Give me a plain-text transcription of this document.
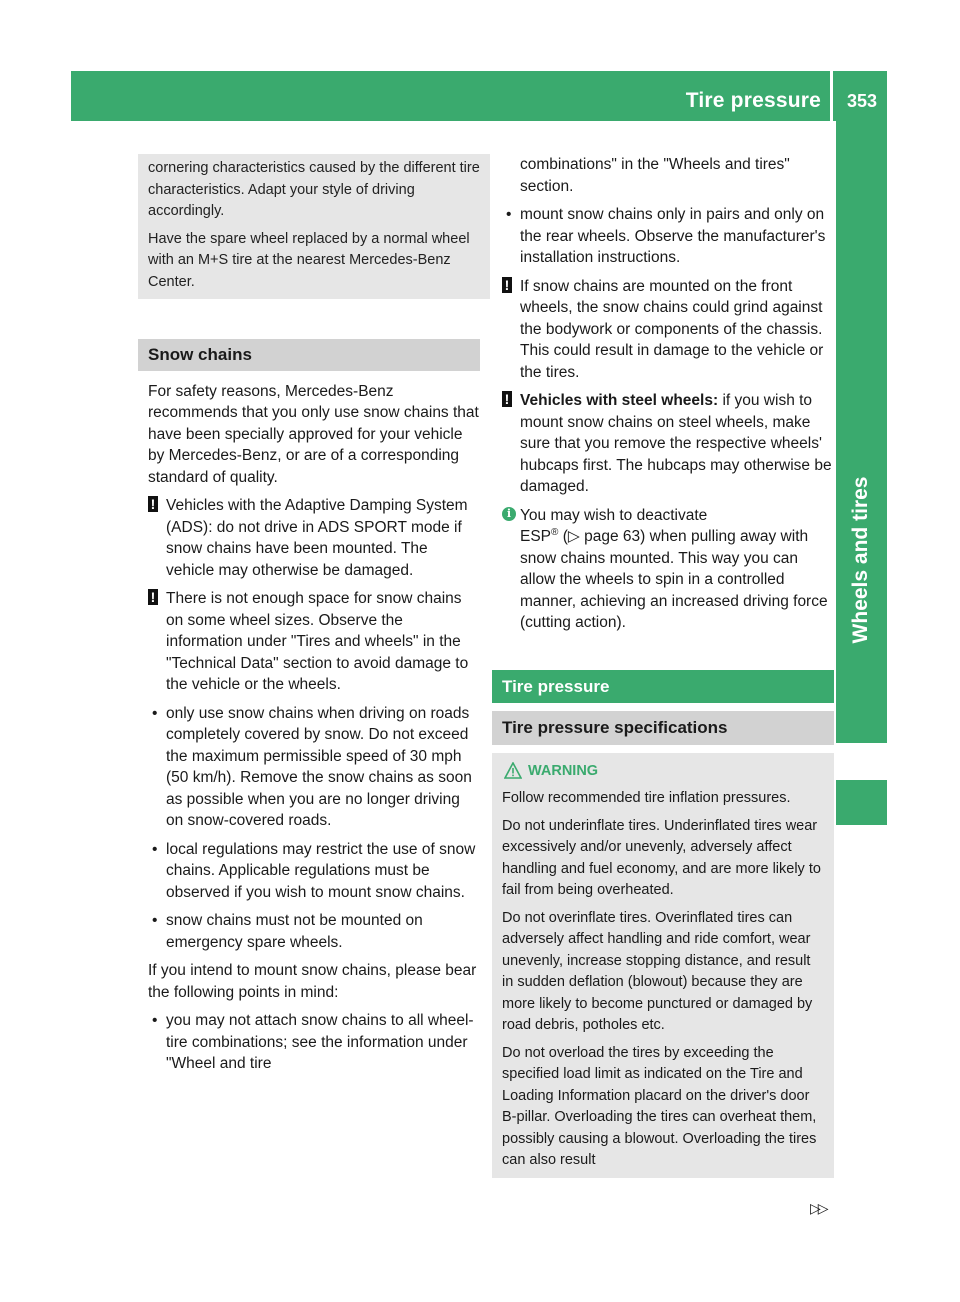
Tire pressure 353
Wheels and tires

cornering characteristics caused by the different tire characteristics. Adapt your style of driving accordingly.

Have the spare wheel replaced by a normal wheel with an M+S tire at the nearest Mercedes-Benz Center.

Snow chains

For safety reasons, Mercedes-Benz recommends that you only use snow chains that have been specially approved for your vehicle by Mercedes-Benz, or are of a corresponding standard of quality.

! Vehicles with the Adaptive Damping System (ADS): do not drive in ADS SPORT mode if snow chains have been mounted. The vehicle may otherwise be damaged.

! There is not enough space for snow chains on some wheel sizes. Observe the information under "Tires and wheels" in the "Technical Data" section to avoid damage to the vehicle or the wheels.

• only use snow chains when driving on roads completely covered by snow. Do not exceed the maximum permissible speed of 30 mph (50 km/h). Remove the snow chains as soon as possible when you are no longer driving on snow-covered roads.

• local regulations may restrict the use of snow chains. Applicable regulations must be observed if you wish to mount snow chains.

• snow chains must not be mounted on emergency spare wheels.

If you intend to mount snow chains, please bear the following points in mind:

• you may not attach snow chains to all wheel-tire combinations; see the information under "Wheel and tire

combinations" in the "Wheels and tires" section.

• mount snow chains only in pairs and only on the rear wheels. Observe the manufacturer's installation instructions.

! If snow chains are mounted on the front wheels, the snow chains could grind against the bodywork or components of the chassis. This could result in damage to the vehicle or the tires.

! Vehicles with steel wheels: if you wish to mount snow chains on steel wheels, make sure that you remove the respective wheels' hubcaps first. The hubcaps may otherwise be damaged.

i You may wish to deactivate
ESP® (▷ page 63) when pulling away with snow chains mounted. This way you can allow the wheels to spin in a controlled manner, achieving an increased driving force (cutting action).

Tire pressure
Tire pressure specifications
WARNING

Follow recommended tire inflation pressures.

Do not underinflate tires. Underinflated tires wear excessively and/or unevenly, adversely affect handling and fuel economy, and are more likely to fail from being overheated.

Do not overinflate tires. Overinflated tires can adversely affect handling and ride comfort, wear unevenly, increase stopping distance, and result in sudden deflation (blowout) because they are more likely to become punctured or damaged by road debris, potholes etc.

Do not overload the tires by exceeding the specified load limit as indicated on the Tire and Loading Information placard on the driver's door B-pillar. Overloading the tires can overheat them, possibly causing a blowout. Overloading the tires can also result

▷▷
